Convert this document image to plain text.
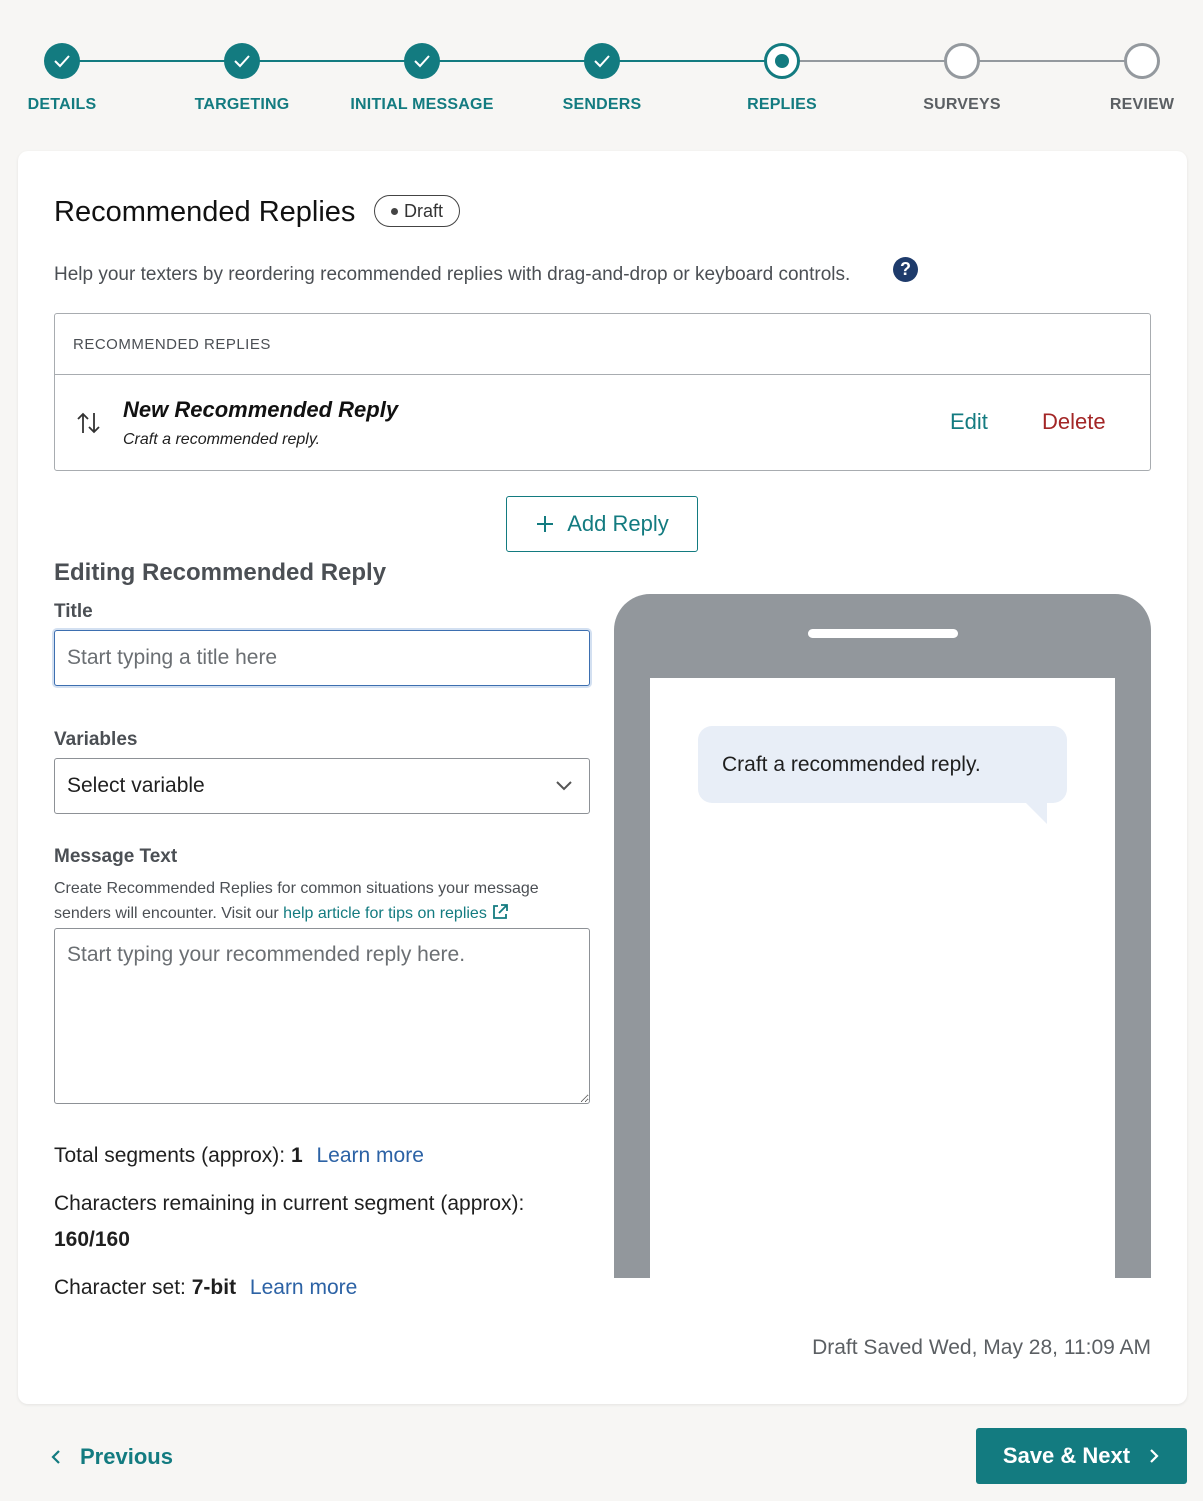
DETAILS	TARGETING	INITIAL MESSAGE	SENDERS	REPLIES	SURVEYS	REVIEW
Recommended Replies	Draft

Help your texters by reordering recommended replies with drag-and-drop or keyboard controls.	?
RECOMMENDED REPLIES
New Recommended Reply
Craft a recommended reply.
Edit Delete
Add Reply
Editing Recommended Reply
Title
Start typing a title here
Variables
Select variable
Message Text
Create Recommended Replies for common situations your message senders will encounter. Visit our help article for tips on replies
Start typing your recommended reply here.
Total segments (approx): 1 Learn more
Characters remaining in current segment (approx):
160/160
Character set: 7-bit Learn more
Craft a recommended reply.
Draft Saved Wed, May 28, 11:09 AM
Previous	Save & Next
